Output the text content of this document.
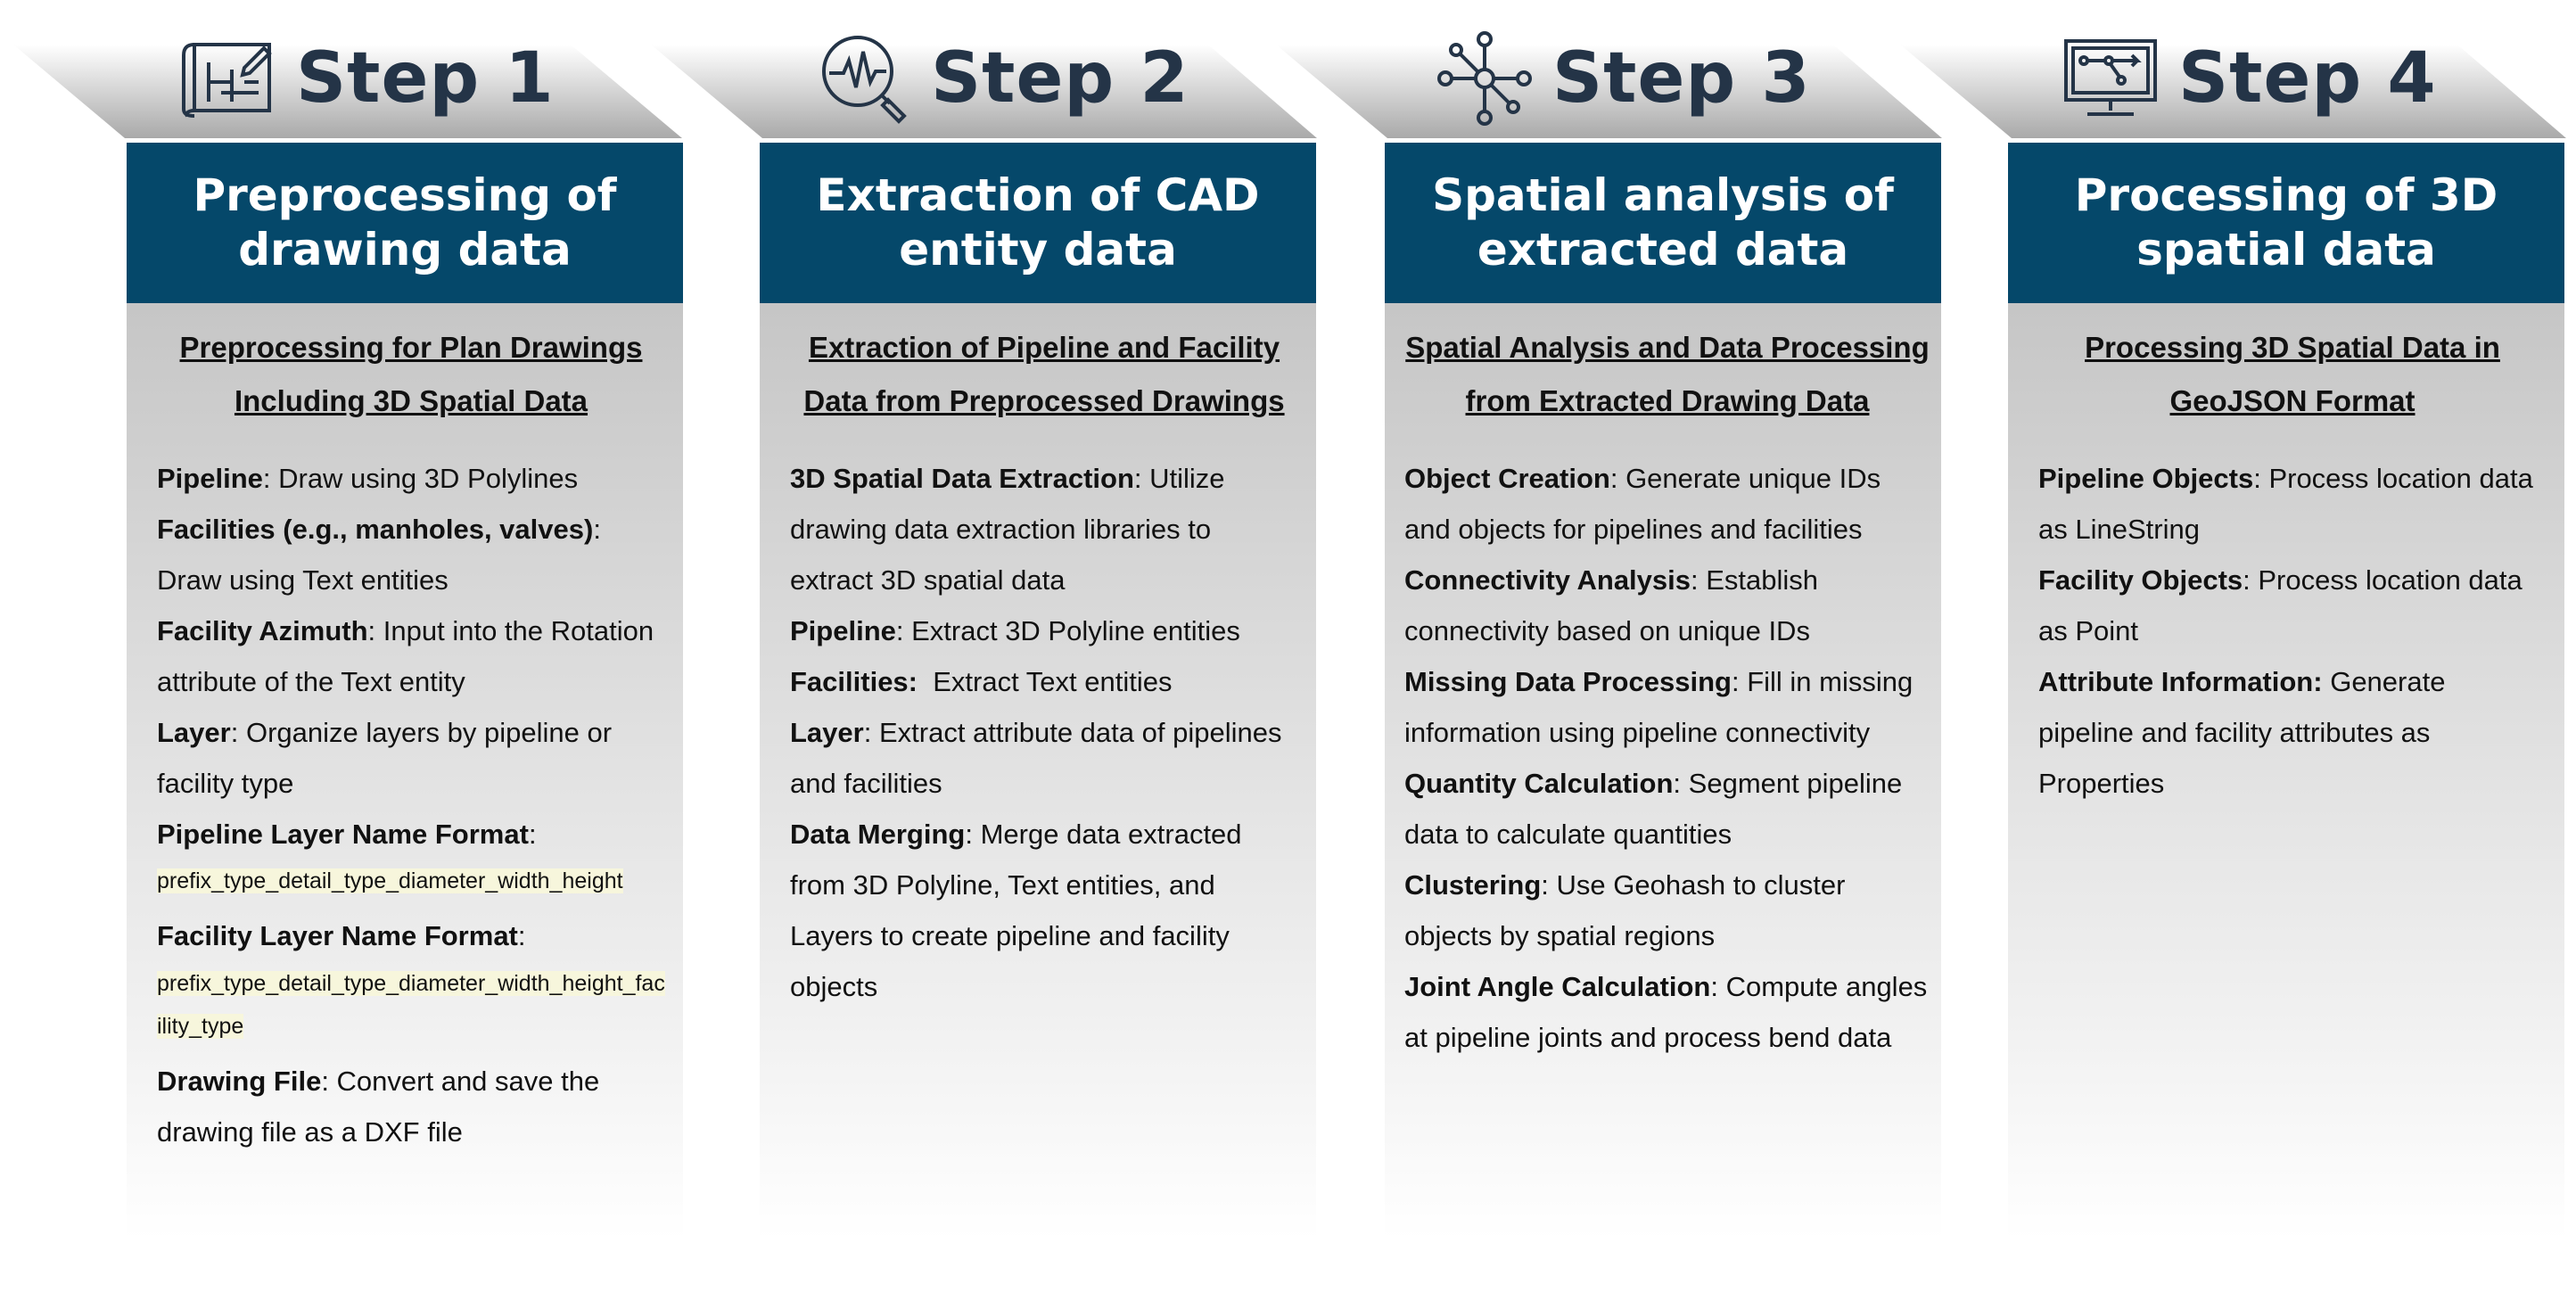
Step 1
Preprocessing of drawing data
Preprocessing for Plan Drawings Including 3D Spatial Data

Pipeline: Draw using 3D Polylines

Facilities (e.g., manholes, valves): Draw using Text entities

Facility Azimuth: Input into the Rotation attribute of the Text entity

Layer: Organize layers by pipeline or facility type

Pipeline Layer Name Format:

prefix_type_detail_type_diameter_width_height

Facility Layer Name Format:

prefix_type_detail_type_diameter_width_height_facility_type

Drawing File: Convert and save the drawing file as a DXF file

Step 2
Extraction of CAD entity data
Extraction of Pipeline and Facility Data from Preprocessed Drawings

3D Spatial Data Extraction: Utilize drawing data extraction libraries to extract 3D spatial data

Pipeline: Extract 3D Polyline entities

Facilities: Extract Text entities

Layer: Extract attribute data of pipelines and facilities

Data Merging: Merge data extracted from 3D Polyline, Text entities, and Layers to create pipeline and facility objects

Step 3
Spatial analysis of extracted data
Spatial Analysis and Data Processing from Extracted Drawing Data

Object Creation: Generate unique IDs and objects for pipelines and facilities

Connectivity Analysis: Establish connectivity based on unique IDs

Missing Data Processing: Fill in missing information using pipeline connectivity

Quantity Calculation: Segment pipeline data to calculate quantities

Clustering: Use Geohash to cluster objects by spatial regions

Joint Angle Calculation: Compute angles at pipeline joints and process bend data

Step 4
Processing of 3D spatial data
Processing 3D Spatial Data in GeoJSON Format

Pipeline Objects: Process location data as LineString

Facility Objects: Process location data as Point

Attribute Information: Generate pipeline and facility attributes as Properties
